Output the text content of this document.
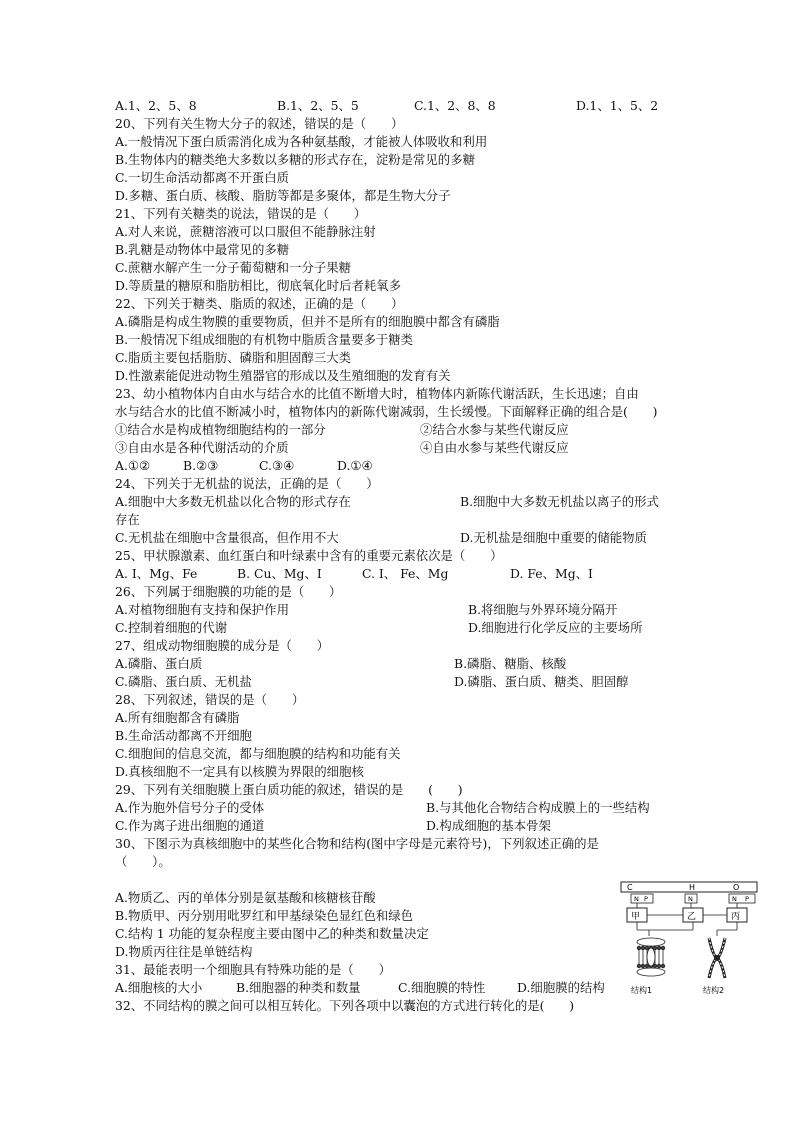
A.1、2、5、8	B.1、2、5、5	C.1、2、8、8	D.1、1、5、2
20、下列有关生物大分子的叙述，错误的是（　　）
A.一般情况下蛋白质需消化成为各种氨基酸，才能被人体吸收和利用
B.生物体内的糖类绝大多数以多糖的形式存在，淀粉是常见的多糖
C.一切生命活动都离不开蛋白质
D.多糖、蛋白质、核酸、脂肪等都是多聚体，都是生物大分子
21、下列有关糖类的说法，错误的是（　　）
A.对人来说，蔗糖溶液可以口服但不能静脉注射
B.乳糖是动物体中最常见的多糖
C.蔗糖水解产生一分子葡萄糖和一分子果糖
D.等质量的糖原和脂肪相比，彻底氧化时后者耗氧多
22、下列关于糖类、脂质的叙述，正确的是（　　）
A.磷脂是构成生物膜的重要物质，但并不是所有的细胞膜中都含有磷脂
B.一般情况下组成细胞的有机物中脂质含量要多于糖类
C.脂质主要包括脂肪、磷脂和胆固醇三大类
D.性激素能促进动物生殖器官的形成以及生殖细胞的发育有关
23、幼小植物体内自由水与结合水的比值不断增大时，植物体内新陈代谢活跃，生长迅速；自由
水与结合水的比值不断减小时，植物体内的新陈代谢减弱，生长缓慢。下面解释正确的组合是(　　)
①结合水是构成植物细胞结构的一部分	②结合水参与某些代谢反应
③自由水是各种代谢活动的介质	④自由水参与某些代谢反应
A.①②	B.②③	C.③④	D.①④
24、下列关于无机盐的说法，正确的是（　　）
A.细胞中大多数无机盐以化合物的形式存在	B.细胞中大多数无机盐以离子的形式
存在
C.无机盐在细胞中含量很高，但作用不大	D.无机盐是细胞中重要的储能物质
25、甲状腺激素、血红蛋白和叶绿素中含有的重要元素依次是（　　）
A. I、Mg、Fe	B. Cu、Mg、I	C. I、 Fe、Mg	D. Fe、Mg、I
26、下列属于细胞膜的功能的是（　　）
A.对植物细胞有支持和保护作用	B.将细胞与外界环境分隔开
C.控制着细胞的代谢	D.细胞进行化学反应的主要场所
27、组成动物细胞膜的成分是（　　）
A.磷脂、蛋白质	B.磷脂、糖脂、核酸
C.磷脂、蛋白质、无机盐	D.磷脂、蛋白质、糖类、胆固醇
28、下列叙述，错误的是（　　）
A.所有细胞都含有磷脂
B.生命活动都离不开细胞
C.细胞间的信息交流，都与细胞膜的结构和功能有关
D.真核细胞不一定具有以核膜为界限的细胞核
29、下列有关细胞膜上蛋白质功能的叙述，错误的是　　(　　)
A.作为胞外信号分子的受体	B.与其他化合物结合构成膜上的一些结构
C.作为离子进出细胞的通道	D.构成细胞的基本骨架
30、下图示为真核细胞中的某些化合物和结构(图中字母是元素符号)，下列叙述正确的是
（　　）。
A.物质乙、丙的单体分别是氨基酸和核糖核苷酸
B.物质甲、丙分别用吡罗红和甲基绿染色显红色和绿色
C.结构 1 功能的复杂程度主要由图中乙的种类和数量决定
D.物质丙往往是单链结构
31、最能表明一个细胞具有特殊功能的是（　　）
A.细胞核的大小	B.细胞器的种类和数量	C.细胞膜的特性	D.细胞膜的结构
32、不同结构的膜之间可以相互转化。下列各项中以囊泡的方式进行转化的是(　　)
C	H	O
N P	N	N P
甲	乙	丙
结构1	结构2
